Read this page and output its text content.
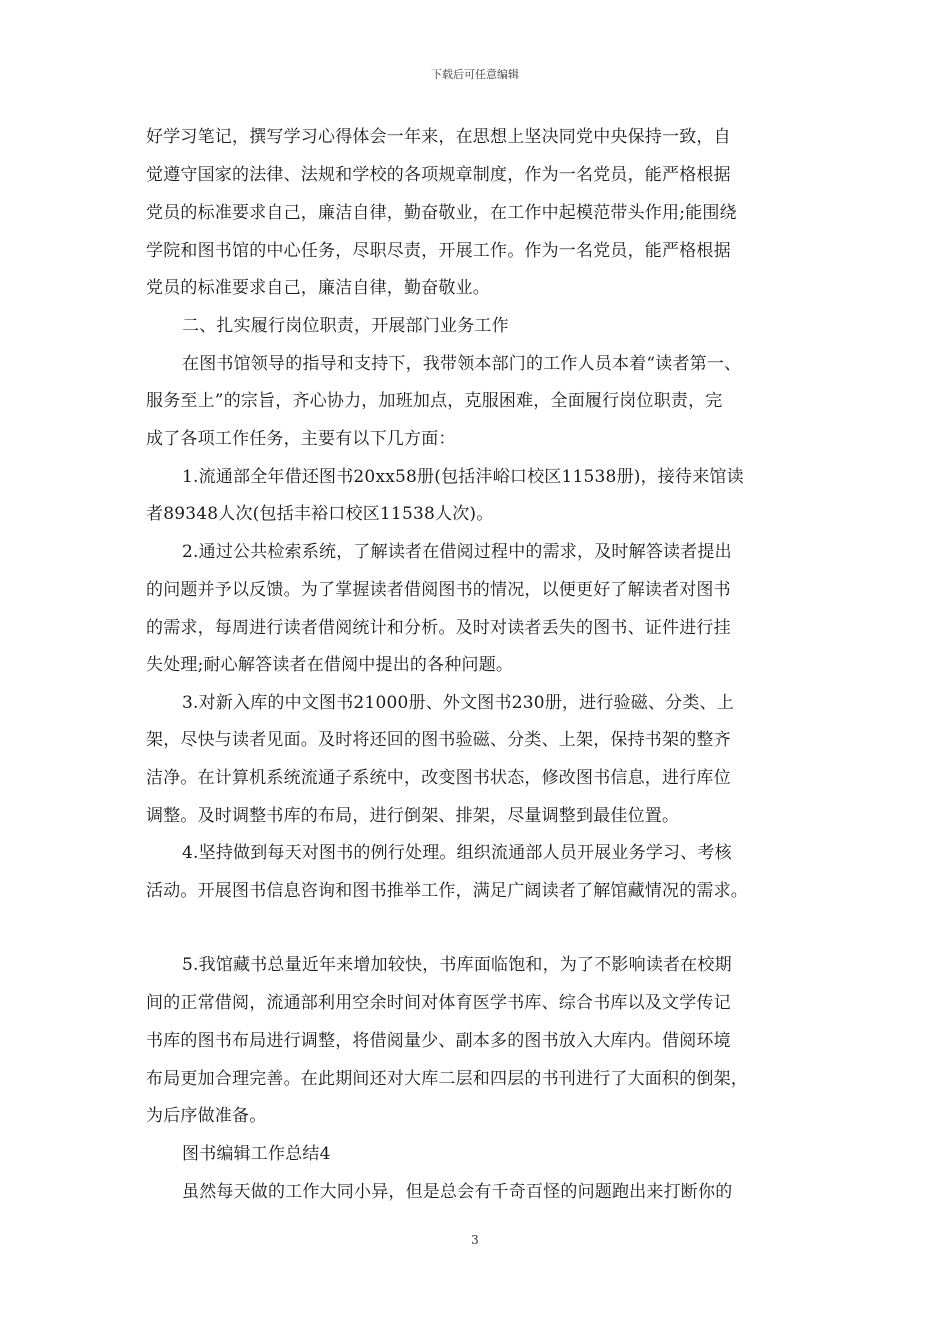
下载后可任意编辑
好学习笔记，撰写学习心得体会一年来，在思想上坚决同党中央保持一致，自
觉遵守国家的法律、法规和学校的各项规章制度，作为一名党员，能严格根据
党员的标准要求自己，廉洁自律，勤奋敬业，在工作中起模范带头作用;能围绕
学院和图书馆的中心任务，尽职尽责，开展工作。作为一名党员，能严格根据
党员的标准要求自己，廉洁自律，勤奋敬业。
二、扎实履行岗位职责，开展部门业务工作
在图书馆领导的指导和支持下，我带领本部门的工作人员本着“读者第一、
服务至上”的宗旨，齐心协力，加班加点，克服困难，全面履行岗位职责，完
成了各项工作任务，主要有以下几方面：
1.流通部全年借还图书20xx58册(包括沣峪口校区11538册)，接待来馆读
者89348人次(包括丰裕口校区11538人次)。
2.通过公共检索系统，了解读者在借阅过程中的需求，及时解答读者提出
的问题并予以反馈。为了掌握读者借阅图书的情况，以便更好了解读者对图书
的需求，每周进行读者借阅统计和分析。及时对读者丢失的图书、证件进行挂
失处理;耐心解答读者在借阅中提出的各种问题。
3.对新入库的中文图书21000册、外文图书230册，进行验磁、分类、上
架，尽快与读者见面。及时将还回的图书验磁、分类、上架，保持书架的整齐
洁净。在计算机系统流通子系统中，改变图书状态，修改图书信息，进行库位
调整。及时调整书库的布局，进行倒架、排架，尽量调整到最佳位置。
4.坚持做到每天对图书的例行处理。组织流通部人员开展业务学习、考核
活动。开展图书信息咨询和图书推举工作，满足广阔读者了解馆藏情况的需求。
5.我馆藏书总量近年来增加较快，书库面临饱和，为了不影响读者在校期
间的正常借阅，流通部利用空余时间对体育医学书库、综合书库以及文学传记
书库的图书布局进行调整，将借阅量少、副本多的图书放入大库内。借阅环境
布局更加合理完善。在此期间还对大库二层和四层的书刊进行了大面积的倒架，
为后序做准备。
图书编辑工作总结4
虽然每天做的工作大同小异，但是总会有千奇百怪的问题跑出来打断你的
3
